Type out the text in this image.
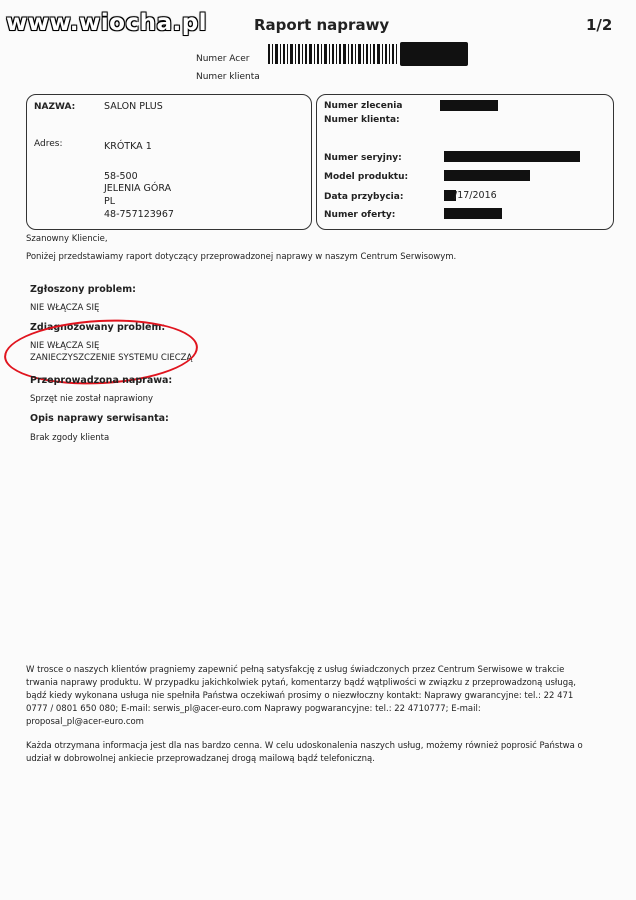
www.wiocha.pl	Raport naprawy	1/2
Numer Acer
Numer klienta
NAZWA:	SALON PLUS
Adres:	KRÓTKA 1
58-500
JELENIA GÓRA
PL
48-757123967
Numer zlecenia
Numer klienta:
Numer seryjny:
Model produktu:
Data przybycia:	/17/2016
Numer oferty:
Szanowny Kliencie,
Poniżej przedstawiamy raport dotyczący przeprowadzonej naprawy w naszym Centrum Serwisowym.
Zgłoszony problem:
NIE WŁĄCZA SIĘ
Zdiagnozowany problem:
NIE WŁĄCZA SIĘ
ZANIECZYSZCZENIE SYSTEMU CIECZĄ
Przeprowadzona naprawa:
Sprzęt nie został naprawiony
Opis naprawy serwisanta:
Brak zgody klienta
W trosce o naszych klientów pragniemy zapewnić pełną satysfakcję z usług świadczonych przez Centrum Serwisowe w trakcie
trwania naprawy produktu. W przypadku jakichkolwiek pytań, komentarzy bądź wątpliwości w związku z przeprowadzoną usługą,
bądź kiedy wykonana usługa nie spełniła Państwa oczekiwań prosimy o niezwłoczny kontakt: Naprawy gwarancyjne: tel.: 22 471
0777 / 0801 650 080; E-mail: serwis_pl@acer-euro.com Naprawy pogwarancyjne: tel.: 22 4710777; E-mail:
proposal_pl@acer-euro.com
Każda otrzymana informacja jest dla nas bardzo cenna. W celu udoskonalenia naszych usług, możemy również poprosić Państwa o
udział w dobrowolnej ankiecie przeprowadzanej drogą mailową bądź telefoniczną.
